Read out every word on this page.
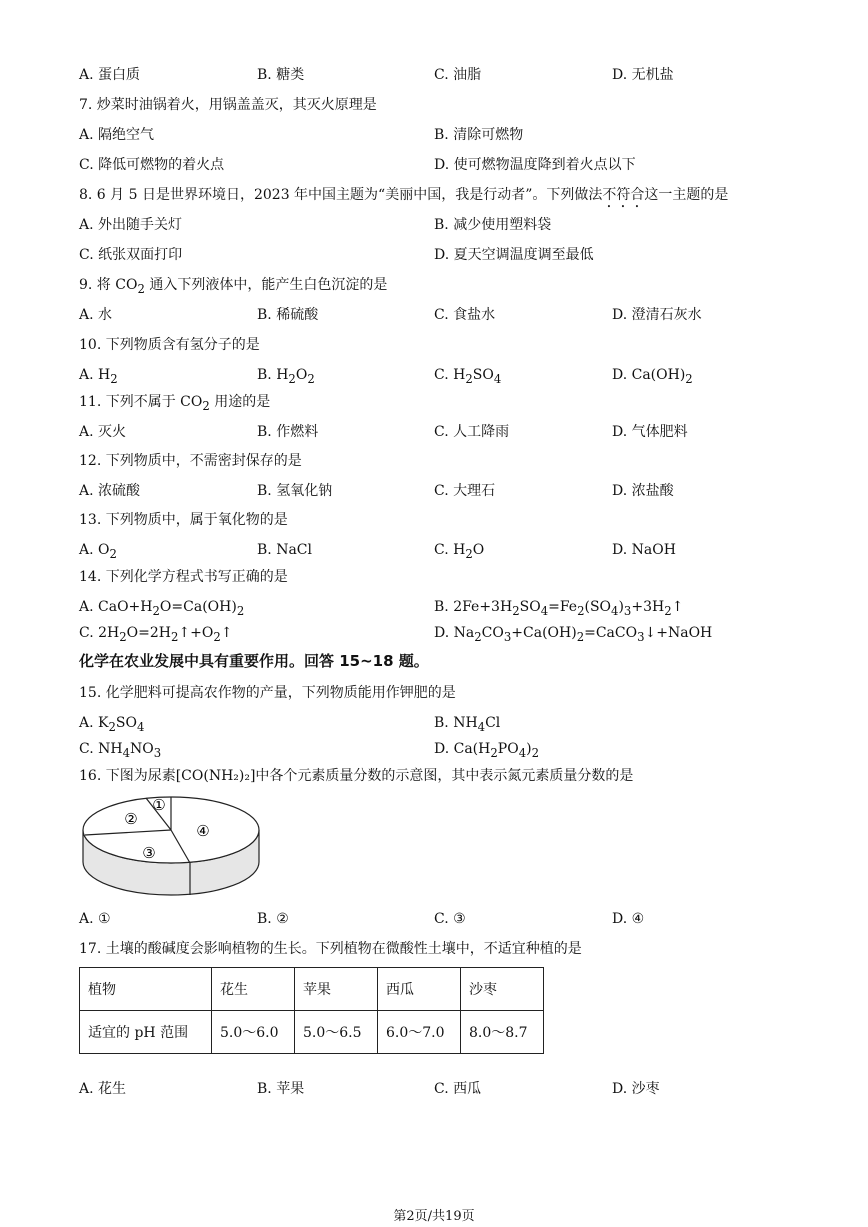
A. 蛋白质	B. 糖类	C. 油脂	D. 无机盐
7. 炒菜时油锅着火，用锅盖盖灭，其灭火原理是
A. 隔绝空气	B. 清除可燃物
C. 降低可燃物的着火点	D. 使可燃物温度降到着火点以下
8. 6 月 5 日是世界环境日，2023 年中国主题为“美丽中国，我是行动者”。下列做法不符合这一主题的是
A. 外出随手关灯	B. 减少使用塑料袋
C. 纸张双面打印	D. 夏天空调温度调至最低
9. 将 $CO_2$ 通入下列液体中，能产生白色沉淀的是
A. 水	B. 稀硫酸	C. 食盐水	D. 澄清石灰水
10. 下列物质含有氢分子的是
A. $H_2$	B. $H_2O_2$	C. $H_2SO_4$	D. $Ca(OH)_2$
11. 下列不属于 $CO_2$ 用途的是
A. 灭火	B. 作燃料	C. 人工降雨	D. 气体肥料
12. 下列物质中，不需密封保存的是
A. 浓硫酸	B. 氢氧化钠	C. 大理石	D. 浓盐酸
13. 下列物质中，属于氧化物的是
A. $O_2$	B. NaCl	C. $H_2O$	D. NaOH
14. 下列化学方程式书写正确的是
A. $CaO+H_2O=Ca(OH)_2$	B. $2Fe+3H_2SO_4=Fe_2(SO_4)_3+3H_2↑$
C. $2H_2O=2H_2↑+O_2↑$	D. $Na_2CO_3+Ca(OH)_2=CaCO_3↓+NaOH$
化学在农业发展中具有重要作用。回答 15~18 题。
15. 化学肥料可提高农作物的产量，下列物质能用作钾肥的是
A. $K_2SO_4$	B. $NH_4Cl$
C. $NH_4NO_3$	D. $Ca(H_2PO_4)_2$
16. 下图为尿素[CO(NH₂)₂]中各个元素质量分数的示意图，其中表示氮元素质量分数的是
①
②
③
④
A. ①	B. ②	C. ③	D. ④
17. 土壤的酸碱度会影响植物的生长。下列植物在微酸性土壤中，不适宜种植的是
植物	花生	苹果	西瓜	沙枣
适宜的 pH 范围	5.0～6.0	5.0～6.5	6.0～7.0	8.0～8.7
A. 花生	B. 苹果	C. 西瓜	D. 沙枣
第2页/共19页
